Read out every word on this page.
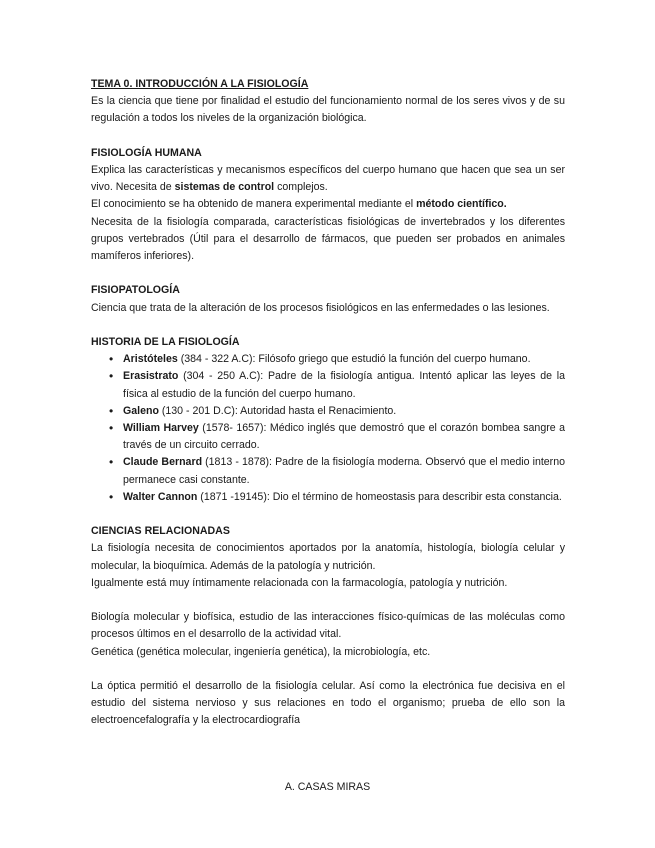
TEMA 0. INTRODUCCIÓN A LA FISIOLOGÍA

Es la ciencia que tiene por finalidad el estudio del funcionamiento normal de los seres vivos y de su regulación a todos los niveles de la organización biológica.

FISIOLOGÍA HUMANA

Explica las características y mecanismos específicos del cuerpo humano que hacen que sea un ser vivo. Necesita de sistemas de control complejos.

El conocimiento se ha obtenido de manera experimental mediante el método científico.

Necesita de la fisiología comparada, características fisiológicas de invertebrados y los diferentes grupos vertebrados (Útil para el desarrollo de fármacos, que pueden ser probados en animales mamíferos inferiores).

FISIOPATOLOGÍA

Ciencia que trata de la alteración de los procesos fisiológicos en las enfermedades o las lesiones.

HISTORIA DE LA FISIOLOGÍA
• Aristóteles (384 - 322 A.C): Filósofo griego que estudió la función del cuerpo humano.
• Erasistrato (304 - 250 A.C): Padre de la fisiología antigua. Intentó aplicar las leyes de la física al estudio de la función del cuerpo humano.
• Galeno (130 - 201 D.C): Autoridad hasta el Renacimiento.
• William Harvey (1578- 1657): Médico inglés que demostró que el corazón bombea sangre a través de un circuito cerrado.
• Claude Bernard (1813 - 1878): Padre de la fisiología moderna. Observó que el medio interno permanece casi constante.
• Walter Cannon (1871 -19145): Dio el término de homeostasis para describir esta constancia.
CIENCIAS RELACIONADAS

La fisiología necesita de conocimientos aportados por la anatomía, histología, biología celular y molecular, la bioquímica. Además de la patología y nutrición.

Igualmente está muy íntimamente relacionada con la farmacología, patología y nutrición.

Biología molecular y biofísica, estudio de las interacciones físico-químicas de las moléculas como procesos últimos en el desarrollo de la actividad vital.

Genética (genética molecular, ingeniería genética), la microbiología, etc.

La óptica permitió el desarrollo de la fisiología celular. Así como la electrónica fue decisiva en el estudio del sistema nervioso y sus relaciones en todo el organismo; prueba de ello son la electroencefalografía y la electrocardiografía

A. CASAS MIRAS
